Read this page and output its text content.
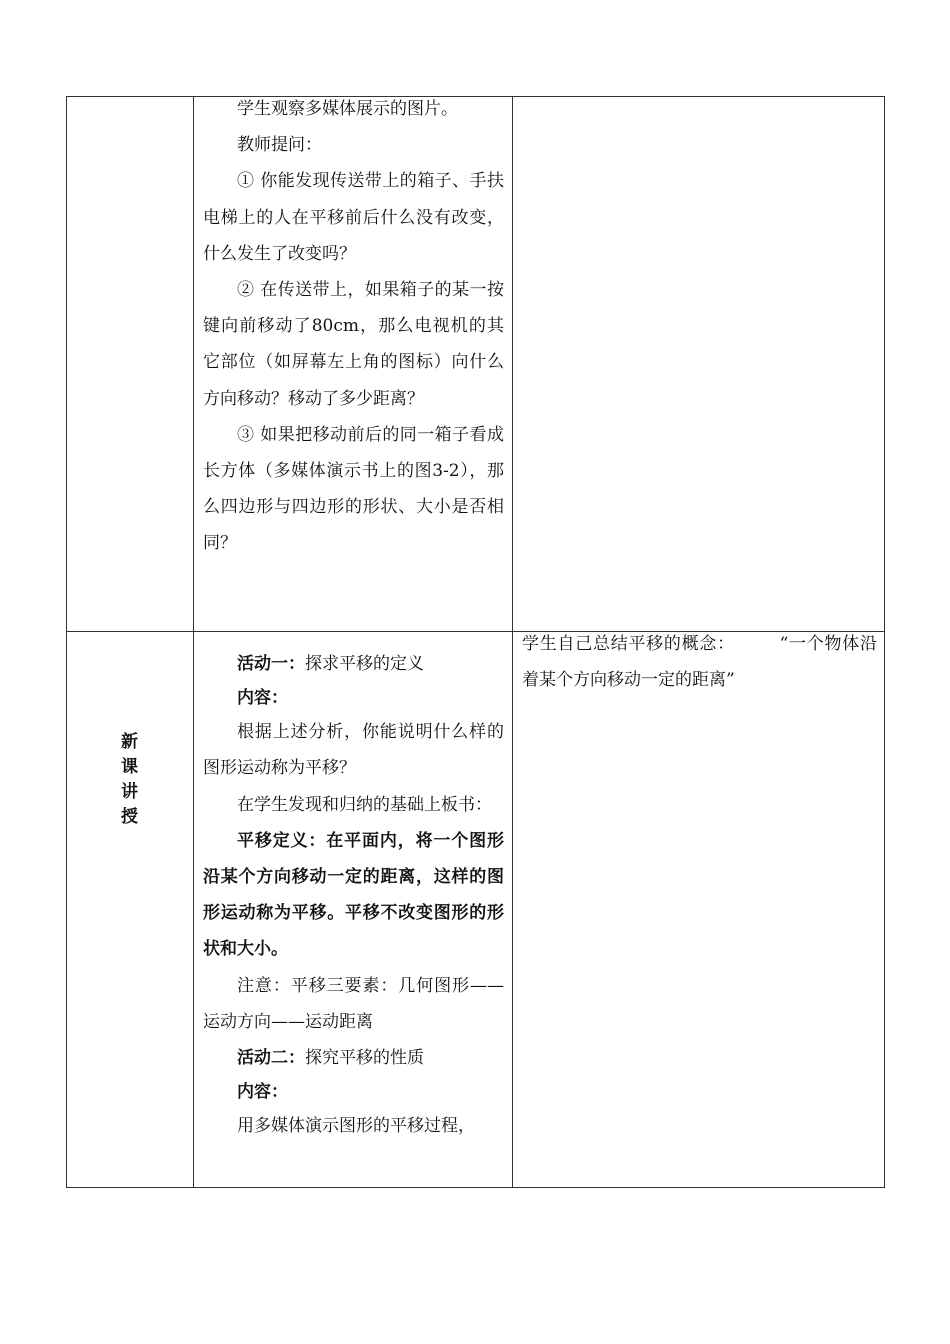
学生观察多媒体展示的图片。

教师提问：

① 你能发现传送带上的箱子、手扶电梯上的人在平移前后什么没有改变，什么发生了改变吗？

② 在传送带上，如果箱子的某一按键向前移动了80cm，那么电视机的其它部位（如屏幕左上角的图标）向什么方向移动？移动了多少距离？

③ 如果把移动前后的同一箱子看成长方体（多媒体演示书上的图3-2），那么四边形与四边形的形状、大小是否相同？

新
课
讲
授

活动一：探求平移的定义

内容：

根据上述分析，你能说明什么样的图形运动称为平移？

在学生发现和归纳的基础上板书：

平移定义：在平面内，将一个图形沿某个方向移动一定的距离，这样的图形运动称为平移。平移不改变图形的形状和大小。

注意：平移三要素：几何图形——运动方向——运动距离

活动二：探究平移的性质

内容：

用多媒体演示图形的平移过程，

学生自己总结平移的概念：　　　“一个物体沿着某个方向移动一定的距离”
